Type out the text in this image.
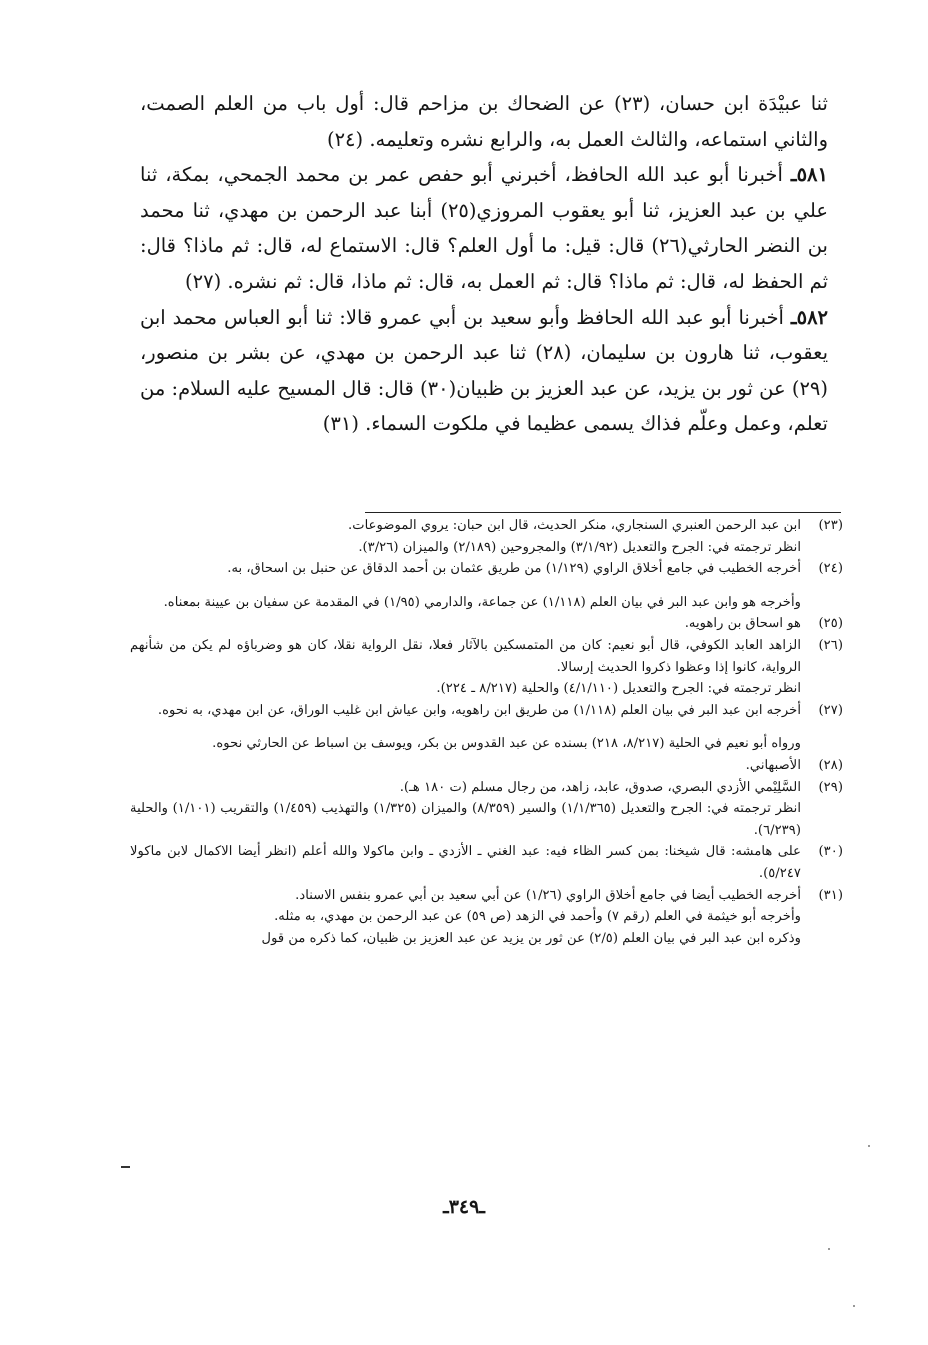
ثنا عبيْدَة ابن حسان، (٢٣) عن الضحاك بن مزاحم قال: أول باب من العلم الصمت، والثاني استماعه، والثالث العمل به، والرابع نشره وتعليمه. (٢٤)

٥٨١ـ أخبرنا أبو عبد الله الحافظ، أخبرني أبو حفص عمر بن محمد الجمحي، بمكة، ثنا علي بن عبد العزيز، ثنا أبو يعقوب المروزي(٢٥) أبنا عبد الرحمن بن مهدي، ثنا محمد بن النضر الحارثي(٢٦) قال: قيل: ما أول العلم؟ قال: الاستماع له، قال: ثم ماذا؟ قال: ثم الحفظ له، قال: ثم ماذا؟ قال: ثم العمل به، قال: ثم ماذا، قال: ثم نشره. (٢٧)

٥٨٢ـ أخبرنا أبو عبد الله الحافظ وأبو سعيد بن أبي عمرو قالا: ثنا أبو العباس محمد ابن يعقوب، ثنا هارون بن سليمان، (٢٨) ثنا عبد الرحمن بن مهدي، عن بشر بن منصور، (٢٩) عن ثور بن يزيد، عن عبد العزيز بن ظبيان(٣٠) قال: قال المسيح عليه السلام: من تعلم، وعمل وعلّم فذاك يسمى عظيما في ملكوت السماء. (٣١)

(٢٣)
ابن عبد الرحمن العنبري السنجاري، منكر الحديث، قال ابن حبان: يروي الموضوعات.
انظر ترجمته في: الجرح والتعديل (٣/١/٩٢) والمجروحين (٢/١٨٩) والميزان (٣/٢٦).
(٢٤)
أخرجه الخطيب في جامع أخلاق الراوي (١/١٢٩) من طريق عثمان بن أحمد الدقاق عن حنبل بن اسحاق، به.
وأخرجه هو وابن عبد البر في بيان العلم (١/١١٨) عن جماعة، والدارمي (١/٩٥) في المقدمة عن سفيان بن عيينة بمعناه.
(٢٥)
هو اسحاق بن راهويه.
(٢٦)
الزاهد العابد الكوفي، قال أبو نعيم: كان من المتمسكين بالآثار فعلا، نقل الرواية نقلا، كان هو وضرباؤه لم يكن من شأنهم الرواية، كانوا إذا وعظوا ذكروا الحديث إرسالا.
انظر ترجمته في: الجرح والتعديل (٤/١/١١٠) والحلية (٨/٢١٧ ـ ٢٢٤).
(٢٧)
أخرجه ابن عبد البر في بيان العلم (١/١١٨) من طريق ابن راهويه، وابن عياش ابن غليب الوراق، عن ابن مهدي، به نحوه.
ورواه أبو نعيم في الحلية (٨/٢١٧، ٢١٨) بسنده عن عبد القدوس بن بكر، ويوسف بن اسباط عن الحارثي نحوه.
(٢٨)
الأصبهاني.
(٢٩)
السَّلِيْمي الأزدي البصري، صدوق، عابد، زاهد، من رجال مسلم (ت ١٨٠ هـ).
انظر ترجمته في: الجرح والتعديل (١/١/٣٦٥) والسير (٨/٣٥٩) والميزان (١/٣٢٥) والتهذيب (١/٤٥٩) والتقريب (١/١٠١) والحلية (٦/٢٣٩).
(٣٠)
على هامشه: قال شيخنا: بمن كسر الظاء فيه: عبد الغني ـ الأزدي ـ وابن ماكولا والله أعلم (انظر أيضا الاكمال لابن ماكولا ٥/٢٤٧).
(٣١)
أخرجه الخطيب أيضا في جامع أخلاق الراوي (١/٢٦) عن أبي سعيد بن أبي عمرو بنفس الاسناد.
وأخرجه أبو خيثمة في العلم (رقم ٧) وأحمد في الزهد (ص ٥٩) عن عبد الرحمن بن مهدي، به مثله.
وذكره ابن عبد البر في بيان العلم (٢/٥) عن ثور بن يزيد عن عبد العزيز بن ظبيان، كما ذكره من قول
ـ٣٤٩ـ
